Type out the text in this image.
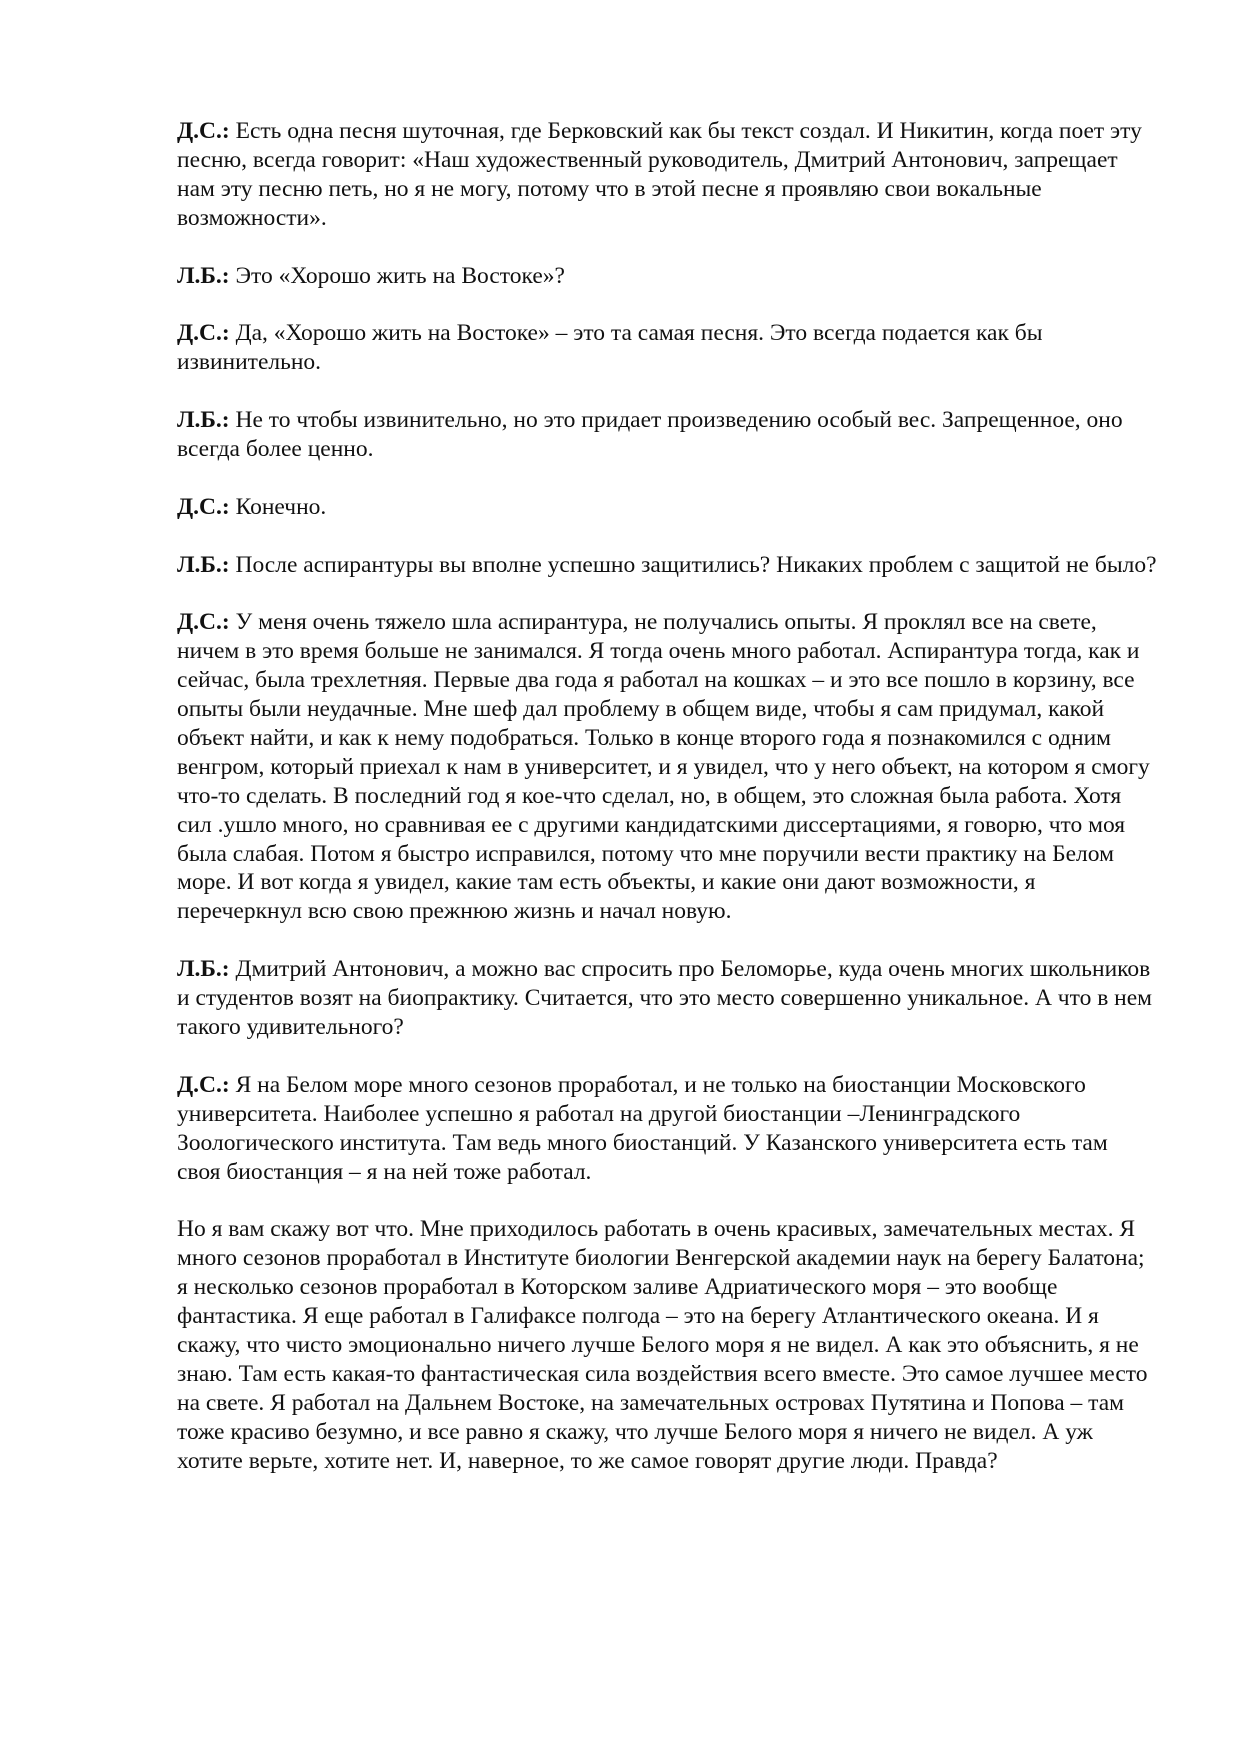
Д.С.: Есть одна песня шуточная, где Берковский как бы текст создал. И Никитин, когда поет эту песню, всегда говорит: «Наш художественный руководитель, Дмитрий Антонович, запрещает нам эту песню петь, но я не могу, потому что в этой песне я проявляю свои вокальные возможности».

Л.Б.: Это «Хорошо жить на Востоке»?

Д.С.: Да, «Хорошо жить на Востоке» – это та самая песня. Это всегда подается как бы извинительно.

Л.Б.: Не то чтобы извинительно, но это придает произведению особый вес. Запрещенное, оно всегда более ценно.

Д.С.: Конечно.

Л.Б.: После аспирантуры вы вполне успешно защитились? Никаких проблем с защитой не было?

Д.С.: У меня очень тяжело шла аспирантура, не получались опыты. Я проклял все на свете, ничем в это время больше не занимался. Я тогда очень много работал. Аспирантура тогда, как и сейчас, была трехлетняя. Первые два года я работал на кошках – и это все пошло в корзину, все опыты были неудачные. Мне шеф дал проблему в общем виде, чтобы я сам придумал, какой объект найти, и как к нему подобраться. Только в конце второго года я познакомился с одним венгром, который приехал к нам в университет, и я увидел, что у него объект, на котором я смогу что-то сделать. В последний год я кое-что сделал, но, в общем, это сложная была работа. Хотя сил .ушло много, но сравнивая ее с другими кандидатскими диссертациями, я говорю, что моя была слабая. Потом я быстро исправился, потому что мне поручили вести практику на Белом море. И вот когда я увидел, какие там есть объекты, и какие они дают возможности, я перечеркнул всю свою прежнюю жизнь и начал новую.

Л.Б.: Дмитрий Антонович, а можно вас спросить про Беломорье, куда очень многих школьников и студентов возят на биопрактику. Считается, что это место совершенно уникальное. А что в нем такого удивительного?

Д.С.: Я на Белом море много сезонов проработал, и не только на биостанции Московского университета. Наиболее успешно я работал на другой биостанции –Ленинградского Зоологического института. Там ведь много биостанций. У Казанского университета есть там своя биостанция – я на ней тоже работал.

Но я вам скажу вот что. Мне приходилось работать в очень красивых, замечательных местах. Я много сезонов проработал в Институте биологии Венгерской академии наук на берегу Балатона; я несколько сезонов проработал в Которском заливе Адриатического моря – это вообще фантастика. Я еще работал в Галифаксе полгода – это на берегу Атлантического океана. И я скажу, что чисто эмоционально ничего лучше Белого моря я не видел. А как это объяснить, я не знаю. Там есть какая-то фантастическая сила воздействия всего вместе. Это самое лучшее место на свете. Я работал на Дальнем Востоке, на замечательных островах Путятина и Попова – там тоже красиво безумно, и все равно я скажу, что лучше Белого моря я ничего не видел. А уж хотите верьте, хотите нет. И, наверное, то же самое говорят другие люди. Правда?
